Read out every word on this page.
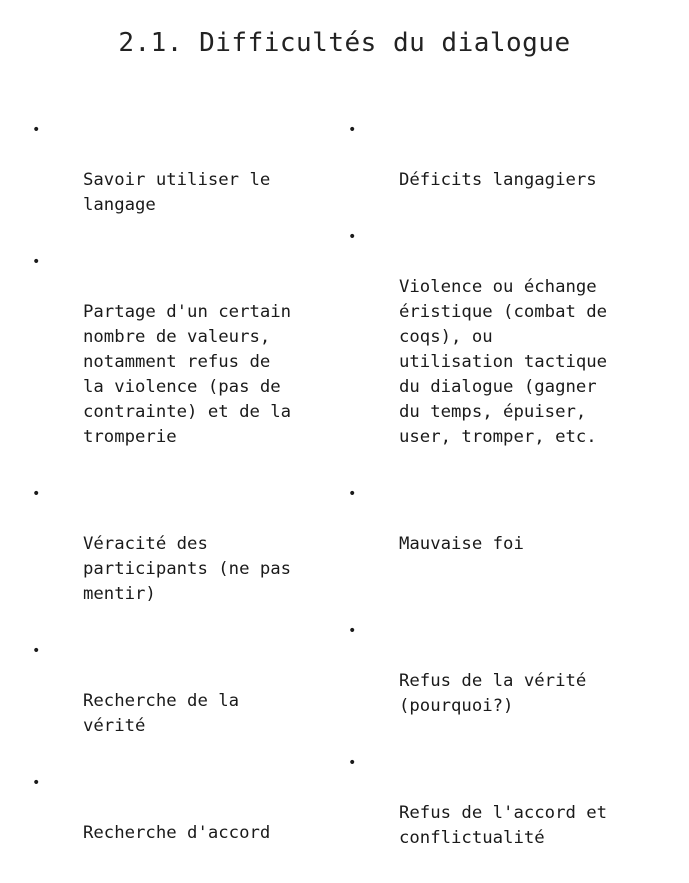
2.1. Difficultés du dialogue

•

Savoir utiliser le
langage

•

Partage d'un certain
nombre de valeurs,
notamment refus de
la violence (pas de
contrainte) et de la
tromperie

•

Véracité des
participants (ne pas
mentir)

•

Recherche de la
vérité

•

Recherche d'accord

•

Déficits langagiers

•

Violence ou échange
éristique (combat de
coqs), ou
utilisation tactique
du dialogue (gagner
du temps, épuiser,
user, tromper, etc.

•

Mauvaise foi

•

Refus de la vérité
(pourquoi?)

•

Refus de l'accord et
conflictualité
